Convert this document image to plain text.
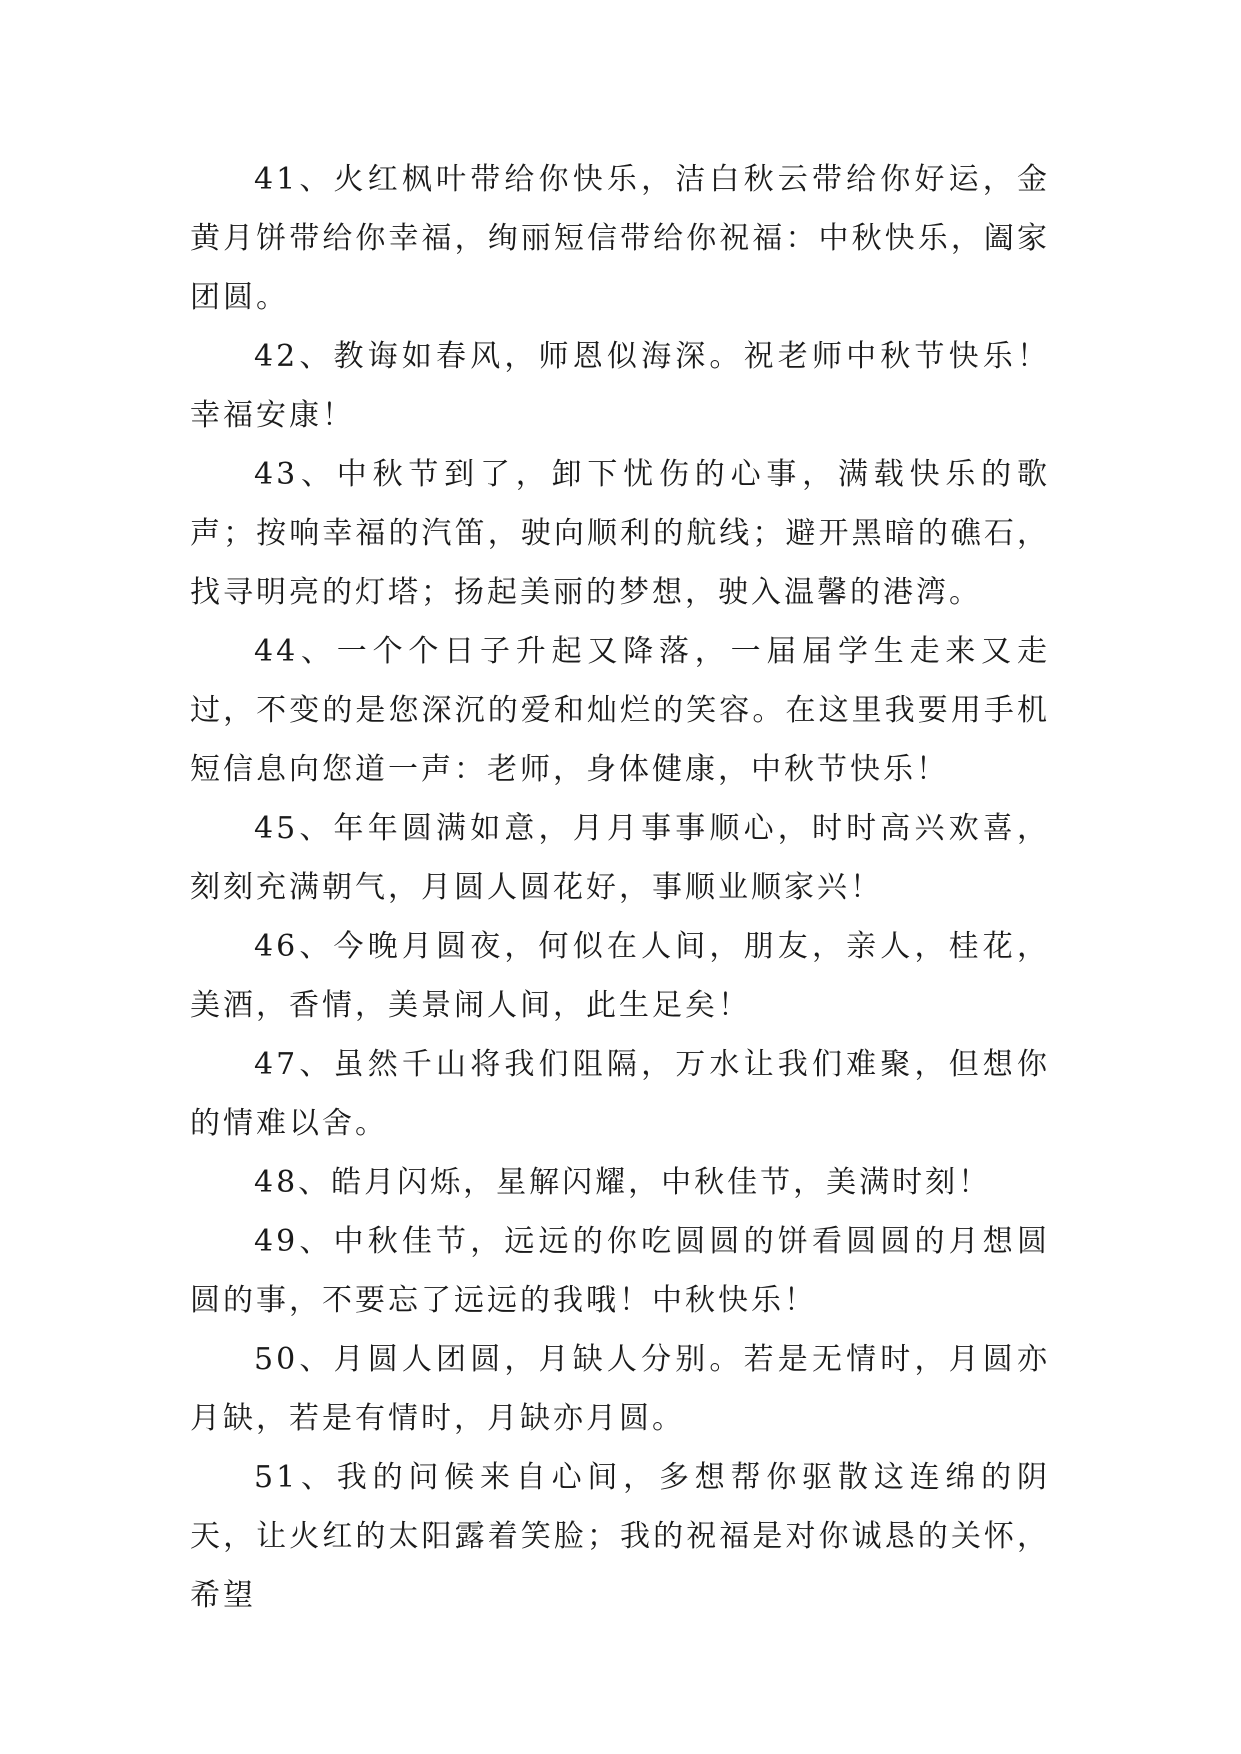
41、火红枫叶带给你快乐，洁白秋云带给你好运，金黄月饼带给你幸福，绚丽短信带给你祝福：中秋快乐，阖家团圆。

42、教诲如春风，师恩似海深。祝老师中秋节快乐！幸福安康！

43、中秋节到了，卸下忧伤的心事，满载快乐的歌声；按响幸福的汽笛，驶向顺利的航线；避开黑暗的礁石，找寻明亮的灯塔；扬起美丽的梦想，驶入温馨的港湾。

44、一个个日子升起又降落，一届届学生走来又走过，不变的是您深沉的爱和灿烂的笑容。在这里我要用手机短信息向您道一声：老师，身体健康，中秋节快乐！

45、年年圆满如意，月月事事顺心，时时高兴欢喜，刻刻充满朝气，月圆人圆花好，事顺业顺家兴！

46、今晚月圆夜，何似在人间，朋友，亲人，桂花，美酒，香情，美景闹人间，此生足矣！

47、虽然千山将我们阻隔，万水让我们难聚，但想你的情难以舍。

48、皓月闪烁，星解闪耀，中秋佳节，美满时刻！

49、中秋佳节，远远的你吃圆圆的饼看圆圆的月想圆圆的事，不要忘了远远的我哦！中秋快乐！

50、月圆人团圆，月缺人分别。若是无情时，月圆亦月缺，若是有情时，月缺亦月圆。

51、我的问候来自心间，多想帮你驱散这连绵的阴天，让火红的太阳露着笑脸；我的祝福是对你诚恳的关怀，希望
